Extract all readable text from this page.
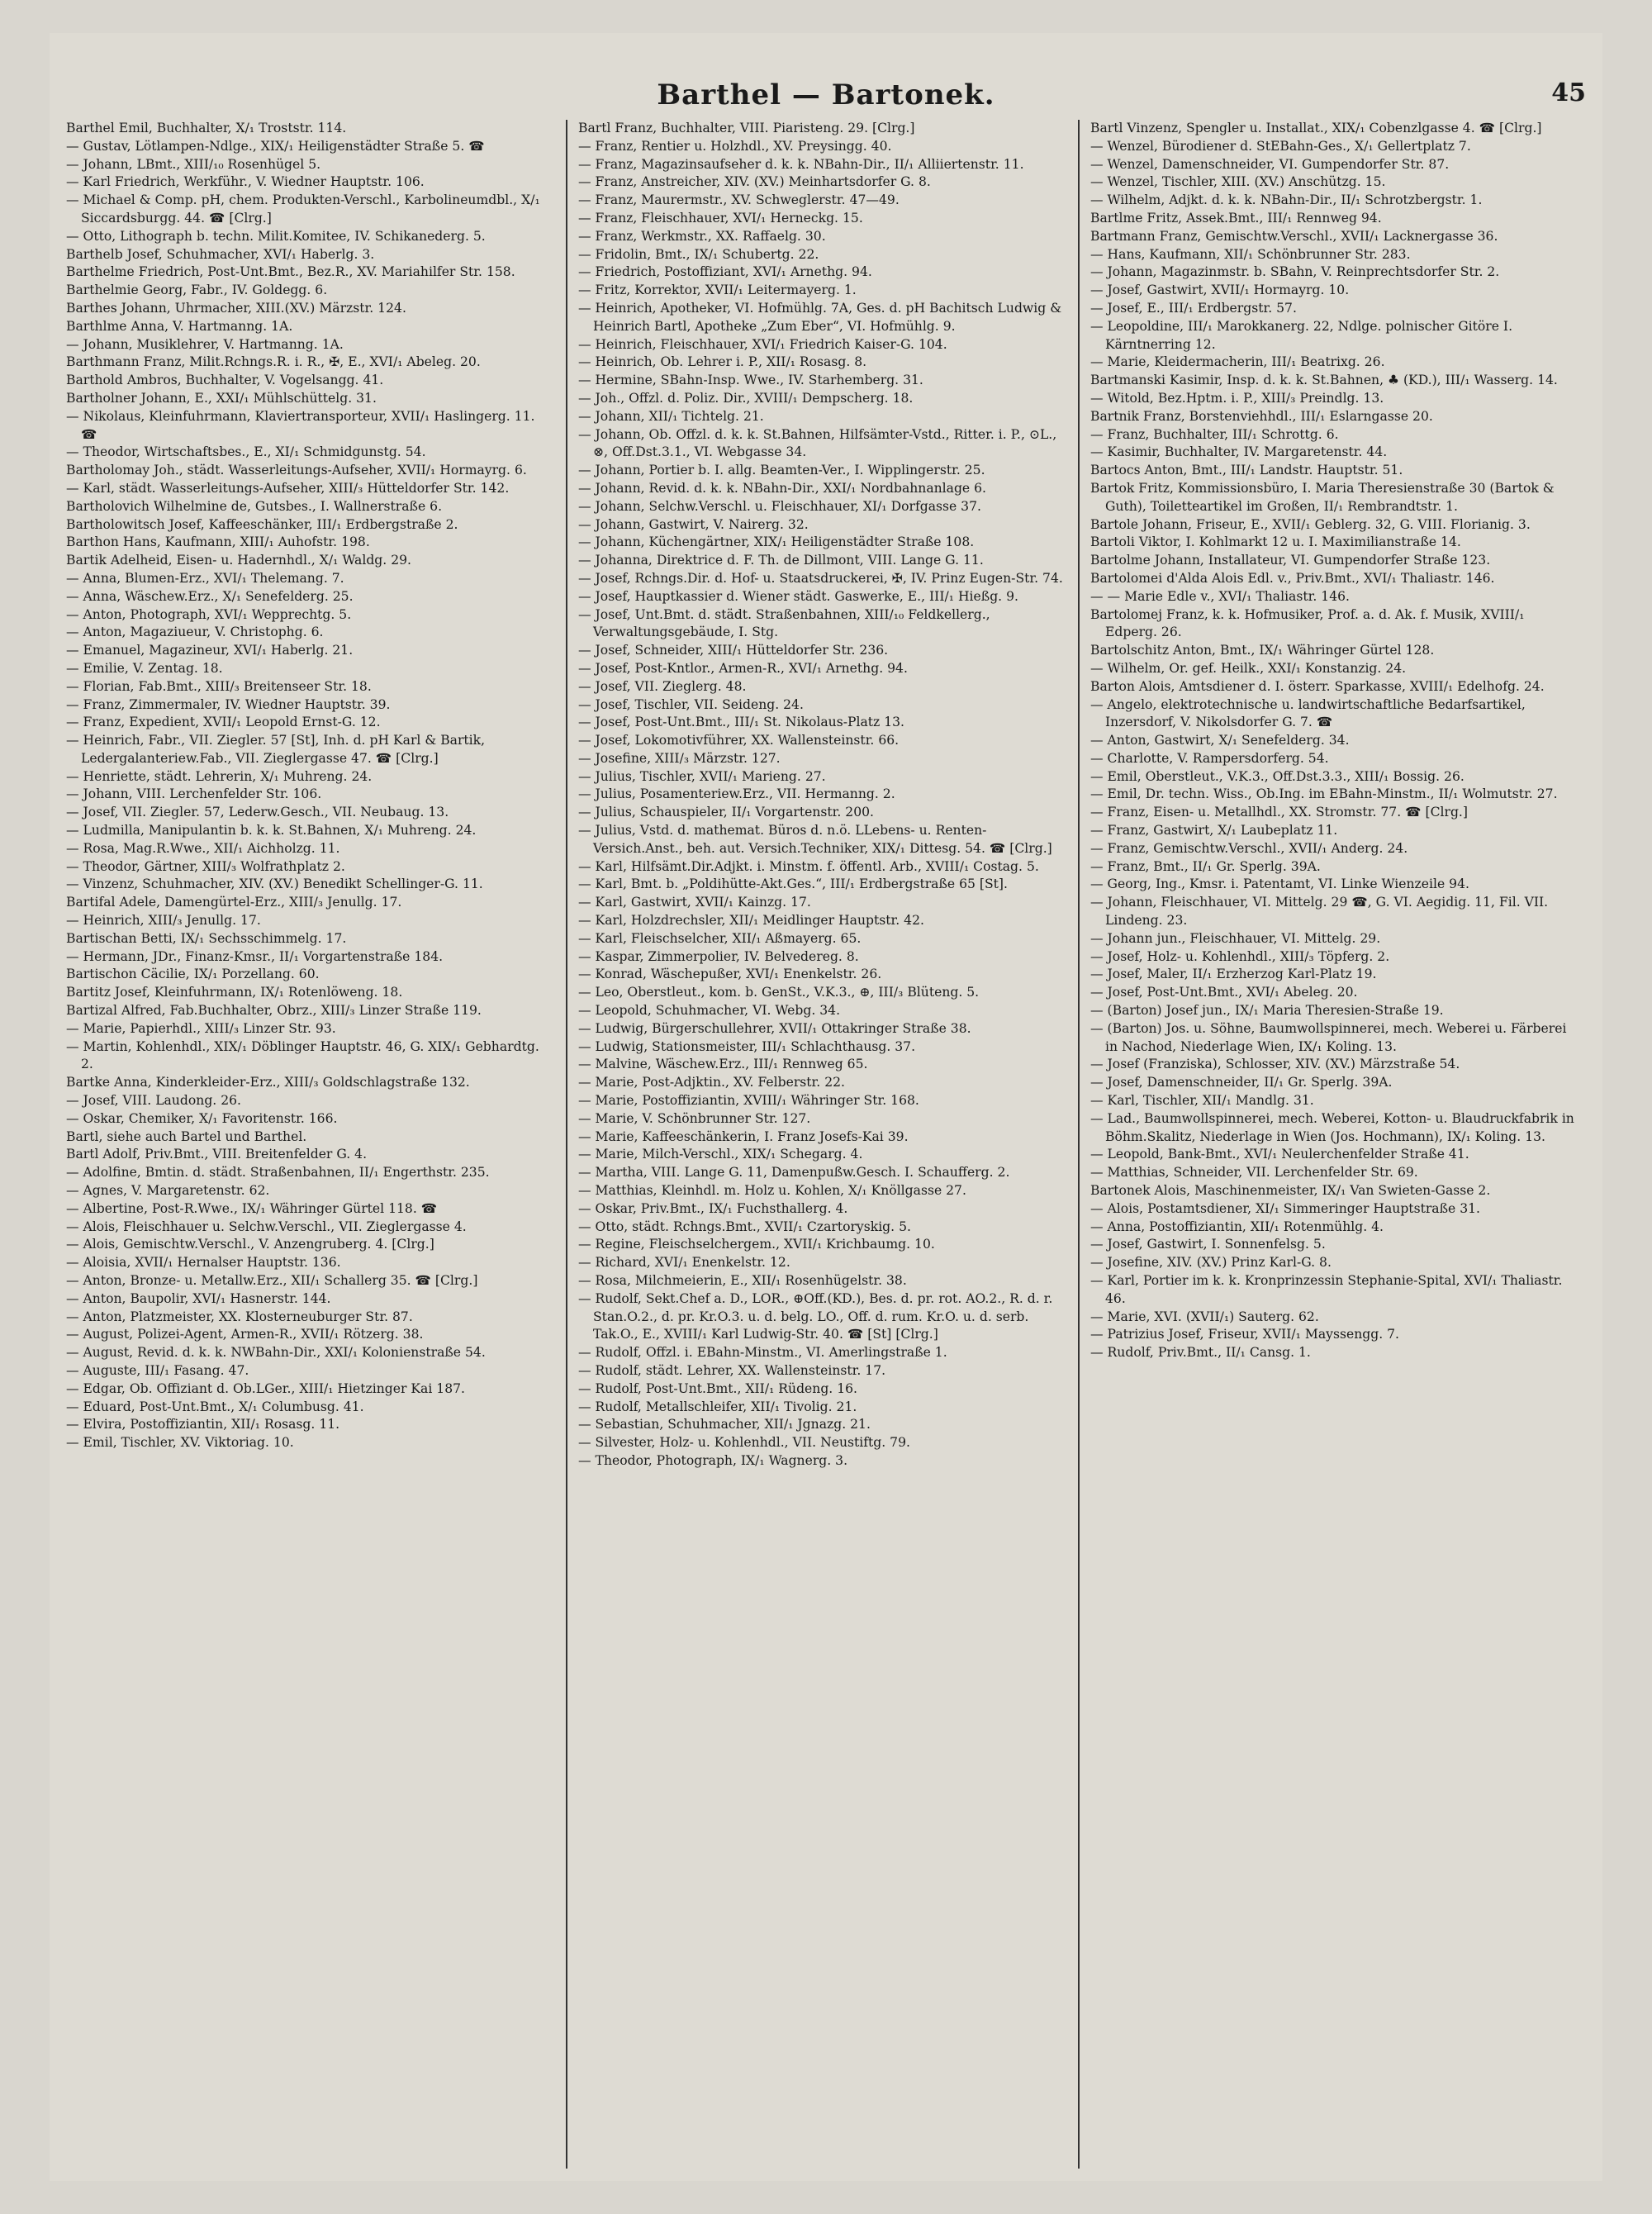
Barthel — Bartonek.	45

Barthel Emil, Buchhalter, X/₁ Troststr. 114.

— Gustav, Lötlampen-Ndlge., XIX/₁ Heiligenstädter Straße 5. ☎

— Johann, LBmt., XIII/₁₀ Rosenhügel 5.

— Karl Friedrich, Werkführ., V. Wiedner Hauptstr. 106.

— Michael & Comp. pH, chem. Produkten-Verschl., Karbolineumdbl., X/₁ Siccardsburgg. 44. ☎ [Clrg.]

— Otto, Lithograph b. techn. Milit.Komitee, IV. Schikanederg. 5.

Barthelb Josef, Schuhmacher, XVI/₁ Haberlg. 3.

Barthelme Friedrich, Post-Unt.Bmt., Bez.R., XV. Mariahilfer Str. 158.

Barthelmie Georg, Fabr., IV. Goldegg. 6.

Barthes Johann, Uhrmacher, XIII.(XV.) Märzstr. 124.

Barthlme Anna, V. Hartmanng. 1A.

— Johann, Musiklehrer, V. Hartmanng. 1A.

Barthmann Franz, Milit.Rchngs.R. i. R., ✠, E., XVI/₁ Abeleg. 20.

Barthold Ambros, Buchhalter, V. Vogelsangg. 41.

Bartholner Johann, E., XXI/₁ Mühlschüttelg. 31.

— Nikolaus, Kleinfuhrmann, Klaviertransporteur, XVII/₁ Haslingerg. 11. ☎

— Theodor, Wirtschaftsbes., E., XI/₁ Schmidgunstg. 54.

Bartholomay Joh., städt. Wasserleitungs-Aufseher, XVII/₁ Hormayrg. 6.

— Karl, städt. Wasserleitungs-Aufseher, XIII/₃ Hütteldorfer Str. 142.

Bartholovich Wilhelmine de, Gutsbes., I. Wallnerstraße 6.

Bartholowitsch Josef, Kaffeeschänker, III/₁ Erdbergstraße 2.

Barthon Hans, Kaufmann, XIII/₁ Auhofstr. 198.

Bartik Adelheid, Eisen- u. Hadernhdl., X/₁ Waldg. 29.

— Anna, Blumen-Erz., XVI/₁ Thelemang. 7.

— Anna, Wäschew.Erz., X/₁ Senefelderg. 25.

— Anton, Photograph, XVI/₁ Wepprechtg. 5.

— Anton, Magaziueur, V. Christophg. 6.

— Emanuel, Magazineur, XVI/₁ Haberlg. 21.

— Emilie, V. Zentag. 18.

— Florian, Fab.Bmt., XIII/₃ Breitenseer Str. 18.

— Franz, Zimmermaler, IV. Wiedner Hauptstr. 39.

— Franz, Expedient, XVII/₁ Leopold Ernst-G. 12.

— Heinrich, Fabr., VII. Ziegler. 57 [St], Inh. d. pH Karl & Bartik, Ledergalanteriew.Fab., VII. Zieglergasse 47. ☎ [Clrg.]

— Henriette, städt. Lehrerin, X/₁ Muhreng. 24.

— Johann, VIII. Lerchenfelder Str. 106.

— Josef, VII. Ziegler. 57, Lederw.Gesch., VII. Neubaug. 13.

— Ludmilla, Manipulantin b. k. k. St.Bahnen, X/₁ Muhreng. 24.

— Rosa, Mag.R.Wwe., XII/₁ Aichholzg. 11.

— Theodor, Gärtner, XIII/₃ Wolfrathplatz 2.

— Vinzenz, Schuhmacher, XIV. (XV.) Benedikt Schellinger-G. 11.

Bartifal Adele, Damengürtel-Erz., XIII/₃ Jenullg. 17.

— Heinrich, XIII/₃ Jenullg. 17.

Bartischan Betti, IX/₁ Sechsschimmelg. 17.

— Hermann, JDr., Finanz-Kmsr., II/₁ Vorgartenstraße 184.

Bartischon Cäcilie, IX/₁ Porzellang. 60.

Bartitz Josef, Kleinfuhrmann, IX/₁ Rotenlöweng. 18.

Bartizal Alfred, Fab.Buchhalter, Obrz., XIII/₃ Linzer Straße 119.

— Marie, Papierhdl., XIII/₃ Linzer Str. 93.

— Martin, Kohlenhdl., XIX/₁ Döblinger Hauptstr. 46, G. XIX/₁ Gebhardtg. 2.

Bartke Anna, Kinderkleider-Erz., XIII/₃ Goldschlagstraße 132.

— Josef, VIII. Laudong. 26.

— Oskar, Chemiker, X/₁ Favoritenstr. 166.

Bartl, siehe auch Bartel und Barthel.

Bartl Adolf, Priv.Bmt., VIII. Breitenfelder G. 4.

— Adolfine, Bmtin. d. städt. Straßenbahnen, II/₁ Engerthstr. 235.

— Agnes, V. Margaretenstr. 62.

— Albertine, Post-R.Wwe., IX/₁ Währinger Gürtel 118. ☎

— Alois, Fleischhauer u. Selchw.Verschl., VII. Zieglergasse 4.

— Alois, Gemischtw.Verschl., V. Anzengruberg. 4. [Clrg.]

— Aloisia, XVII/₁ Hernalser Hauptstr. 136.

— Anton, Bronze- u. Metallw.Erz., XII/₁ Schallerg 35. ☎ [Clrg.]

— Anton, Baupolir, XVI/₁ Hasnerstr. 144.

— Anton, Platzmeister, XX. Klosterneuburger Str. 87.

— August, Polizei-Agent, Armen-R., XVII/₁ Rötzerg. 38.

— August, Revid. d. k. k. NWBahn-Dir., XXI/₁ Kolonienstraße 54.

— Auguste, III/₁ Fasang. 47.

— Edgar, Ob. Offiziant d. Ob.LGer., XIII/₁ Hietzinger Kai 187.

— Eduard, Post-Unt.Bmt., X/₁ Columbusg. 41.

— Elvira, Postoffiziantin, XII/₁ Rosasg. 11.

— Emil, Tischler, XV. Viktoriag. 10.

Bartl Franz, Buchhalter, VIII. Piaristeng. 29. [Clrg.]

— Franz, Rentier u. Holzhdl., XV. Preysingg. 40.

— Franz, Magazinsaufseher d. k. k. NBahn-Dir., II/₁ Alliiertenstr. 11.

— Franz, Anstreicher, XIV. (XV.) Meinhartsdorfer G. 8.

— Franz, Maurermstr., XV. Schweglerstr. 47—49.

— Franz, Fleischhauer, XVI/₁ Herneckg. 15.

— Franz, Werkmstr., XX. Raffaelg. 30.

— Fridolin, Bmt., IX/₁ Schubertg. 22.

— Friedrich, Postoffiziant, XVI/₁ Arnethg. 94.

— Fritz, Korrektor, XVII/₁ Leitermayerg. 1.

— Heinrich, Apotheker, VI. Hofmühlg. 7A, Ges. d. pH Bachitsch Ludwig & Heinrich Bartl, Apotheke „Zum Eber“, VI. Hofmühlg. 9.

— Heinrich, Fleischhauer, XVI/₁ Friedrich Kaiser-G. 104.

— Heinrich, Ob. Lehrer i. P., XII/₁ Rosasg. 8.

— Hermine, SBahn-Insp. Wwe., IV. Starhemberg. 31.

— Joh., Offzl. d. Poliz. Dir., XVIII/₁ Dempscherg. 18.

— Johann, XII/₁ Tichtelg. 21.

— Johann, Ob. Offzl. d. k. k. St.Bahnen, Hilfsämter-Vstd., Ritter. i. P., ⊙L., ⊗, Off.Dst.3.1., VI. Webgasse 34.

— Johann, Portier b. I. allg. Beamten-Ver., I. Wipplingerstr. 25.

— Johann, Revid. d. k. k. NBahn-Dir., XXI/₁ Nordbahnanlage 6.

— Johann, Selchw.Verschl. u. Fleischhauer, XI/₁ Dorfgasse 37.

— Johann, Gastwirt, V. Nairerg. 32.

— Johann, Küchengärtner, XIX/₁ Heiligenstädter Straße 108.

— Johanna, Direktrice d. F. Th. de Dillmont, VIII. Lange G. 11.

— Josef, Rchngs.Dir. d. Hof- u. Staatsdruckerei, ✠, IV. Prinz Eugen-Str. 74.

— Josef, Hauptkassier d. Wiener städt. Gaswerke, E., III/₁ Hießg. 9.

— Josef, Unt.Bmt. d. städt. Straßenbahnen, XIII/₁₀ Feldkellerg., Verwaltungsgebäude, I. Stg.

— Josef, Schneider, XIII/₁ Hütteldorfer Str. 236.

— Josef, Post-Kntlor., Armen-R., XVI/₁ Arnethg. 94.

— Josef, VII. Zieglerg. 48.

— Josef, Tischler, VII. Seideng. 24.

— Josef, Post-Unt.Bmt., III/₁ St. Nikolaus-Platz 13.

— Josef, Lokomotivführer, XX. Wallensteinstr. 66.

— Josefine, XIII/₃ Märzstr. 127.

— Julius, Tischler, XVII/₁ Marieng. 27.

— Julius, Posamenteriew.Erz., VII. Hermanng. 2.

— Julius, Schauspieler, II/₁ Vorgartenstr. 200.

— Julius, Vstd. d. mathemat. Büros d. n.ö. LLebens- u. Renten-Versich.Anst., beh. aut. Versich.Techniker, XIX/₁ Dittesg. 54. ☎ [Clrg.]

— Karl, Hilfsämt.Dir.Adjkt. i. Minstm. f. öffentl. Arb., XVIII/₁ Costag. 5.

— Karl, Bmt. b. „Poldihütte-Akt.Ges.“, III/₁ Erdbergstraße 65 [St].

— Karl, Gastwirt, XVII/₁ Kainzg. 17.

— Karl, Holzdrechsler, XII/₁ Meidlinger Hauptstr. 42.

— Karl, Fleischselcher, XII/₁ Aßmayerg. 65.

— Kaspar, Zimmerpolier, IV. Belvedereg. 8.

— Konrad, Wäschepußer, XVI/₁ Enenkelstr. 26.

— Leo, Oberstleut., kom. b. GenSt., V.K.3., ⊕, III/₃ Blüteng. 5.

— Leopold, Schuhmacher, VI. Webg. 34.

— Ludwig, Bürgerschullehrer, XVII/₁ Ottakringer Straße 38.

— Ludwig, Stationsmeister, III/₁ Schlachthausg. 37.

— Malvine, Wäschew.Erz., III/₁ Rennweg 65.

— Marie, Post-Adjktin., XV. Felberstr. 22.

— Marie, Postoffiziantin, XVIII/₁ Währinger Str. 168.

— Marie, V. Schönbrunner Str. 127.

— Marie, Kaffeeschänkerin, I. Franz Josefs-Kai 39.

— Marie, Milch-Verschl., XIX/₁ Schegarg. 4.

— Martha, VIII. Lange G. 11, Damenpußw.Gesch. I. Schaufferg. 2.

— Matthias, Kleinhdl. m. Holz u. Kohlen, X/₁ Knöllgasse 27.

— Oskar, Priv.Bmt., IX/₁ Fuchsthallerg. 4.

— Otto, städt. Rchngs.Bmt., XVII/₁ Czartoryskig. 5.

— Regine, Fleischselchergem., XVII/₁ Krichbaumg. 10.

— Richard, XVI/₁ Enenkelstr. 12.

— Rosa, Milchmeierin, E., XII/₁ Rosenhügelstr. 38.

— Rudolf, Sekt.Chef a. D., LOR., ⊕Off.(KD.), Bes. d. pr. rot. AO.2., R. d. r. Stan.O.2., d. pr. Kr.O.3. u. d. belg. LO., Off. d. rum. Kr.O. u. d. serb. Tak.O., E., XVIII/₁ Karl Ludwig-Str. 40. ☎ [St] [Clrg.]

— Rudolf, Offzl. i. EBahn-Minstm., VI. Amerlingstraße 1.

— Rudolf, städt. Lehrer, XX. Wallensteinstr. 17.

— Rudolf, Post-Unt.Bmt., XII/₁ Rüdeng. 16.

— Rudolf, Metallschleifer, XII/₁ Tivolig. 21.

— Sebastian, Schuhmacher, XII/₁ Jgnazg. 21.

— Silvester, Holz- u. Kohlenhdl., VII. Neustiftg. 79.

— Theodor, Photograph, IX/₁ Wagnerg. 3.

Bartl Vinzenz, Spengler u. Installat., XIX/₁ Cobenzlgasse 4. ☎ [Clrg.]

— Wenzel, Bürodiener d. StEBahn-Ges., X/₁ Gellertplatz 7.

— Wenzel, Damenschneider, VI. Gumpendorfer Str. 87.

— Wenzel, Tischler, XIII. (XV.) Anschützg. 15.

— Wilhelm, Adjkt. d. k. k. NBahn-Dir., II/₁ Schrotzbergstr. 1.

Bartlme Fritz, Assek.Bmt., III/₁ Rennweg 94.

Bartmann Franz, Gemischtw.Verschl., XVII/₁ Lacknergasse 36.

— Hans, Kaufmann, XII/₁ Schönbrunner Str. 283.

— Johann, Magazinmstr. b. SBahn, V. Reinprechtsdorfer Str. 2.

— Josef, Gastwirt, XVII/₁ Hormayrg. 10.

— Josef, E., III/₁ Erdbergstr. 57.

— Leopoldine, III/₁ Marokkanerg. 22, Ndlge. polnischer Gitöre I. Kärntnerring 12.

— Marie, Kleidermacherin, III/₁ Beatrixg. 26.

Bartmanski Kasimir, Insp. d. k. k. St.Bahnen, ♣ (KD.), III/₁ Wasserg. 14.

— Witold, Bez.Hptm. i. P., XIII/₃ Preindlg. 13.

Bartnik Franz, Borstenviehhdl., III/₁ Eslarngasse 20.

— Franz, Buchhalter, III/₁ Schrottg. 6.

— Kasimir, Buchhalter, IV. Margaretenstr. 44.

Bartocs Anton, Bmt., III/₁ Landstr. Hauptstr. 51.

Bartok Fritz, Kommissionsbüro, I. Maria Theresienstraße 30 (Bartok & Guth), Toiletteartikel im Großen, II/₁ Rembrandtstr. 1.

Bartole Johann, Friseur, E., XVII/₁ Geblerg. 32, G. VIII. Florianig. 3.

Bartoli Viktor, I. Kohlmarkt 12 u. I. Maximilianstraße 14.

Bartolme Johann, Installateur, VI. Gumpendorfer Straße 123.

Bartolomei d'Alda Alois Edl. v., Priv.Bmt., XVI/₁ Thaliastr. 146.

— — Marie Edle v., XVI/₁ Thaliastr. 146.

Bartolomej Franz, k. k. Hofmusiker, Prof. a. d. Ak. f. Musik, XVIII/₁ Edperg. 26.

Bartolschitz Anton, Bmt., IX/₁ Währinger Gürtel 128.

— Wilhelm, Or. gef. Heilk., XXI/₁ Konstanzig. 24.

Barton Alois, Amtsdiener d. I. österr. Sparkasse, XVIII/₁ Edelhofg. 24.

— Angelo, elektrotechnische u. landwirtschaftliche Bedarfsartikel, Inzersdorf, V. Nikolsdorfer G. 7. ☎

— Anton, Gastwirt, X/₁ Senefelderg. 34.

— Charlotte, V. Rampersdorferg. 54.

— Emil, Oberstleut., V.K.3., Off.Dst.3.3., XIII/₁ Bossig. 26.

— Emil, Dr. techn. Wiss., Ob.Ing. im EBahn-Minstm., II/₁ Wolmutstr. 27.

— Franz, Eisen- u. Metallhdl., XX. Stromstr. 77. ☎ [Clrg.]

— Franz, Gastwirt, X/₁ Laubeplatz 11.

— Franz, Gemischtw.Verschl., XVII/₁ Anderg. 24.

— Franz, Bmt., II/₁ Gr. Sperlg. 39A.

— Georg, Ing., Kmsr. i. Patentamt, VI. Linke Wienzeile 94.

— Johann, Fleischhauer, VI. Mittelg. 29 ☎, G. VI. Aegidig. 11, Fil. VII. Lindeng. 23.

— Johann jun., Fleischhauer, VI. Mittelg. 29.

— Josef, Holz- u. Kohlenhdl., XIII/₃ Töpferg. 2.

— Josef, Maler, II/₁ Erzherzog Karl-Platz 19.

— Josef, Post-Unt.Bmt., XVI/₁ Abeleg. 20.

— (Barton) Josef jun., IX/₁ Maria Theresien-Straße 19.

— (Barton) Jos. u. Söhne, Baumwollspinnerei, mech. Weberei u. Färberei in Nachod, Niederlage Wien, IX/₁ Koling. 13.

— Josef (Franziska), Schlosser, XIV. (XV.) Märzstraße 54.

— Josef, Damenschneider, II/₁ Gr. Sperlg. 39A.

— Karl, Tischler, XII/₁ Mandlg. 31.

— Lad., Baumwollspinnerei, mech. Weberei, Kotton- u. Blaudruckfabrik in Böhm.Skalitz, Niederlage in Wien (Jos. Hochmann), IX/₁ Koling. 13.

— Leopold, Bank-Bmt., XVI/₁ Neulerchenfelder Straße 41.

— Matthias, Schneider, VII. Lerchenfelder Str. 69.

Bartonek Alois, Maschinenmeister, IX/₁ Van Swieten-Gasse 2.

— Alois, Postamtsdiener, XI/₁ Simmeringer Hauptstraße 31.

— Anna, Postoffiziantin, XII/₁ Rotenmühlg. 4.

— Josef, Gastwirt, I. Sonnenfelsg. 5.

— Josefine, XIV. (XV.) Prinz Karl-G. 8.

— Karl, Portier im k. k. Kronprinzessin Stephanie-Spital, XVI/₁ Thaliastr. 46.

— Marie, XVI. (XVII/₁) Sauterg. 62.

— Patrizius Josef, Friseur, XVII/₁ Mayssengg. 7.

— Rudolf, Priv.Bmt., II/₁ Cansg. 1.
